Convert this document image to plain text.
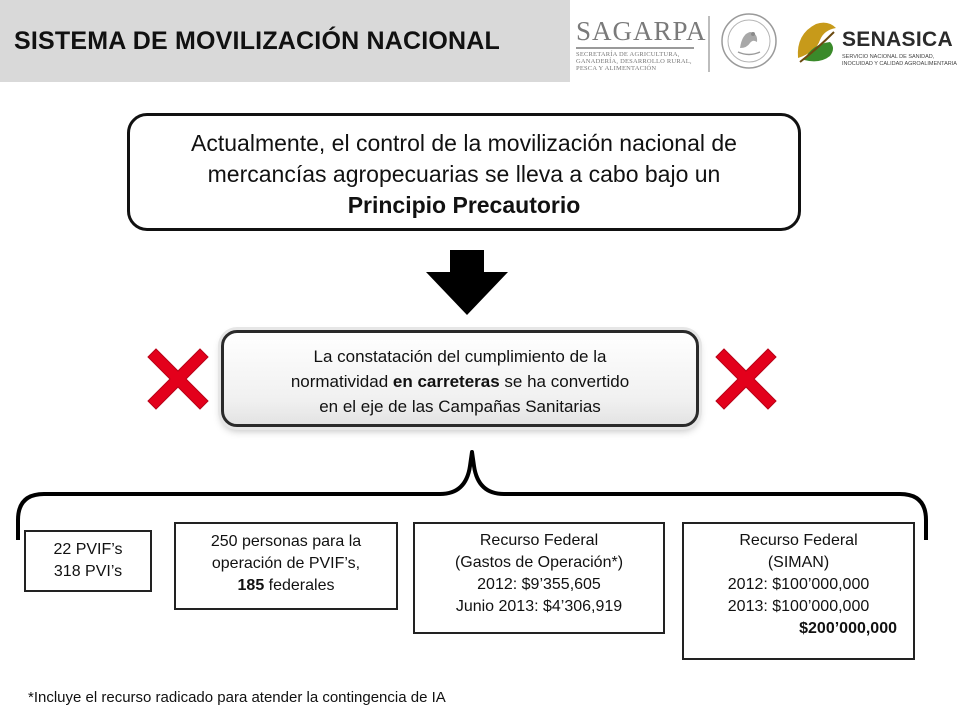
SISTEMA DE MOVILIZACIÓN NACIONAL	SAGARPA
SECRETARÍA DE AGRICULTURA,
GANADERÍA, DESARROLLO RURAL,
PESCA Y ALIMENTACIÓN
SENASICA
SERVICIO NACIONAL DE SANIDAD,
INOCUIDAD Y CALIDAD AGROALIMENTARIA
Actualmente, el control de la movilización nacional de
mercancías agropecuarias se lleva a cabo bajo un
Principio Precautorio
La constatación del cumplimiento de la
normatividad en carreteras se ha convertido
en el eje de las Campañas Sanitarias
22 PVIF’s
318 PVI’s
250 personas para la
operación de PVIF’s,
185 federales
Recurso Federal
(Gastos de Operación*)
2012: $9’355,605
Junio 2013: $4’306,919
Recurso Federal
(SIMAN)
2012: $100’000,000
2013: $100’000,000
$200’000,000
*Incluye el recurso radicado para atender la contingencia de IA
